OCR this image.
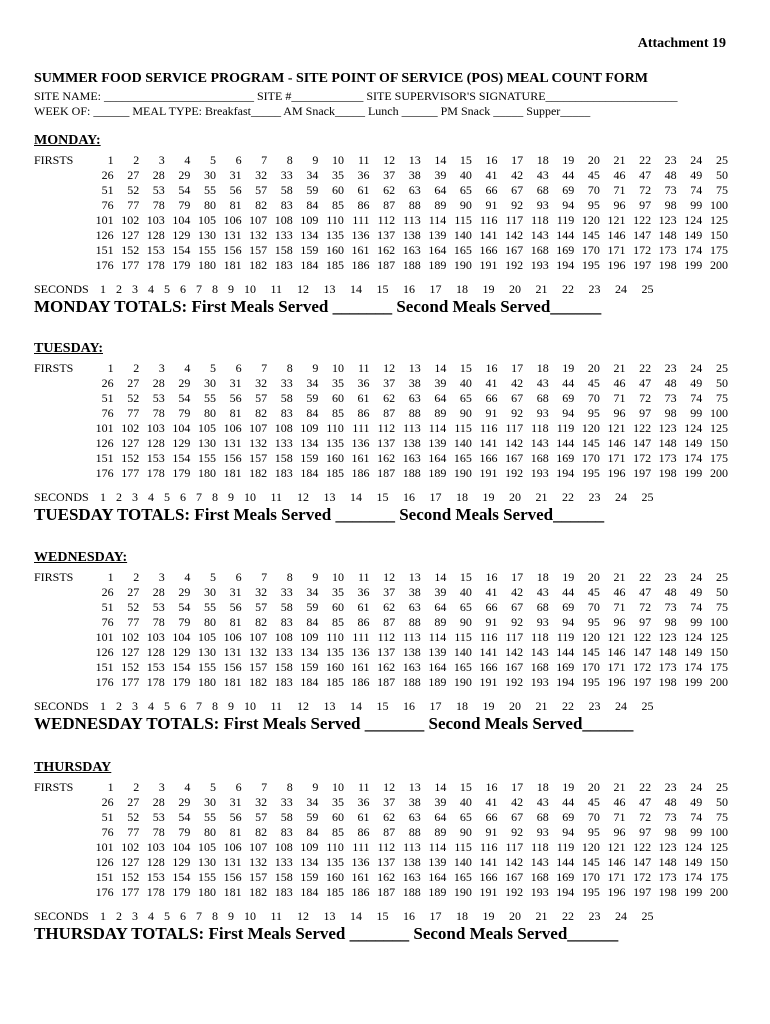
Attachment 19
SUMMER FOOD SERVICE PROGRAM - SITE POINT OF SERVICE (POS) MEAL COUNT FORM
SITE NAME: _________________________ SITE #____________ SITE SUPERVISOR'S SIGNATURE______________________
WEEK OF: ______ MEAL TYPE: Breakfast_____ AM Snack_____ Lunch ______ PM Snack _____ Supper_____
MONDAY:
FIRSTS	1	2	3	4	5	6	7	8	9	10	11	12	13	14	15	16	17	18	19	20	21	22	23	24	25
26	27	28	29	30	31	32	33	34	35	36	37	38	39	40	41	42	43	44	45	46	47	48	49	50
51	52	53	54	55	56	57	58	59	60	61	62	63	64	65	66	67	68	69	70	71	72	73	74	75
76	77	78	79	80	81	82	83	84	85	86	87	88	89	90	91	92	93	94	95	96	97	98	99	100
101	102	103	104	105	106	107	108	109	110	111	112	113	114	115	116	117	118	119	120	121	122	123	124	125
126	127	128	129	130	131	132	133	134	135	136	137	138	139	140	141	142	143	144	145	146	147	148	149	150
151	152	153	154	155	156	157	158	159	160	161	162	163	164	165	166	167	168	169	170	171	172	173	174	175
176	177	178	179	180	181	182	183	184	185	186	187	188	189	190	191	192	193	194	195	196	197	198	199	200
SECONDS 1 2 3 4 5 6 7 8 9 10 11 12 13 14 15 16 17 18 19 20 21 22 23 24 25
MONDAY TOTALS: First Meals Served _______ Second Meals Served______
TUESDAY:
FIRSTS	1	2	3	4	5	6	7	8	9	10	11	12	13	14	15	16	17	18	19	20	21	22	23	24	25
26	27	28	29	30	31	32	33	34	35	36	37	38	39	40	41	42	43	44	45	46	47	48	49	50
51	52	53	54	55	56	57	58	59	60	61	62	63	64	65	66	67	68	69	70	71	72	73	74	75
76	77	78	79	80	81	82	83	84	85	86	87	88	89	90	91	92	93	94	95	96	97	98	99	100
101	102	103	104	105	106	107	108	109	110	111	112	113	114	115	116	117	118	119	120	121	122	123	124	125
126	127	128	129	130	131	132	133	134	135	136	137	138	139	140	141	142	143	144	145	146	147	148	149	150
151	152	153	154	155	156	157	158	159	160	161	162	163	164	165	166	167	168	169	170	171	172	173	174	175
176	177	178	179	180	181	182	183	184	185	186	187	188	189	190	191	192	193	194	195	196	197	198	199	200
SECONDS 1 2 3 4 5 6 7 8 9 10 11 12 13 14 15 16 17 18 19 20 21 22 23 24 25
TUESDAY TOTALS: First Meals Served _______ Second Meals Served______
WEDNESDAY:
FIRSTS	1	2	3	4	5	6	7	8	9	10	11	12	13	14	15	16	17	18	19	20	21	22	23	24	25
26	27	28	29	30	31	32	33	34	35	36	37	38	39	40	41	42	43	44	45	46	47	48	49	50
51	52	53	54	55	56	57	58	59	60	61	62	63	64	65	66	67	68	69	70	71	72	73	74	75
76	77	78	79	80	81	82	83	84	85	86	87	88	89	90	91	92	93	94	95	96	97	98	99	100
101	102	103	104	105	106	107	108	109	110	111	112	113	114	115	116	117	118	119	120	121	122	123	124	125
126	127	128	129	130	131	132	133	134	135	136	137	138	139	140	141	142	143	144	145	146	147	148	149	150
151	152	153	154	155	156	157	158	159	160	161	162	163	164	165	166	167	168	169	170	171	172	173	174	175
176	177	178	179	180	181	182	183	184	185	186	187	188	189	190	191	192	193	194	195	196	197	198	199	200
SECONDS 1 2 3 4 5 6 7 8 9 10 11 12 13 14 15 16 17 18 19 20 21 22 23 24 25
WEDNESDAY TOTALS: First Meals Served _______ Second Meals Served______
THURSDAY
FIRSTS	1	2	3	4	5	6	7	8	9	10	11	12	13	14	15	16	17	18	19	20	21	22	23	24	25
26	27	28	29	30	31	32	33	34	35	36	37	38	39	40	41	42	43	44	45	46	47	48	49	50
51	52	53	54	55	56	57	58	59	60	61	62	63	64	65	66	67	68	69	70	71	72	73	74	75
76	77	78	79	80	81	82	83	84	85	86	87	88	89	90	91	92	93	94	95	96	97	98	99	100
101	102	103	104	105	106	107	108	109	110	111	112	113	114	115	116	117	118	119	120	121	122	123	124	125
126	127	128	129	130	131	132	133	134	135	136	137	138	139	140	141	142	143	144	145	146	147	148	149	150
151	152	153	154	155	156	157	158	159	160	161	162	163	164	165	166	167	168	169	170	171	172	173	174	175
176	177	178	179	180	181	182	183	184	185	186	187	188	189	190	191	192	193	194	195	196	197	198	199	200
SECONDS 1 2 3 4 5 6 7 8 9 10 11 12 13 14 15 16 17 18 19 20 21 22 23 24 25
THURSDAY TOTALS: First Meals Served _______ Second Meals Served______
